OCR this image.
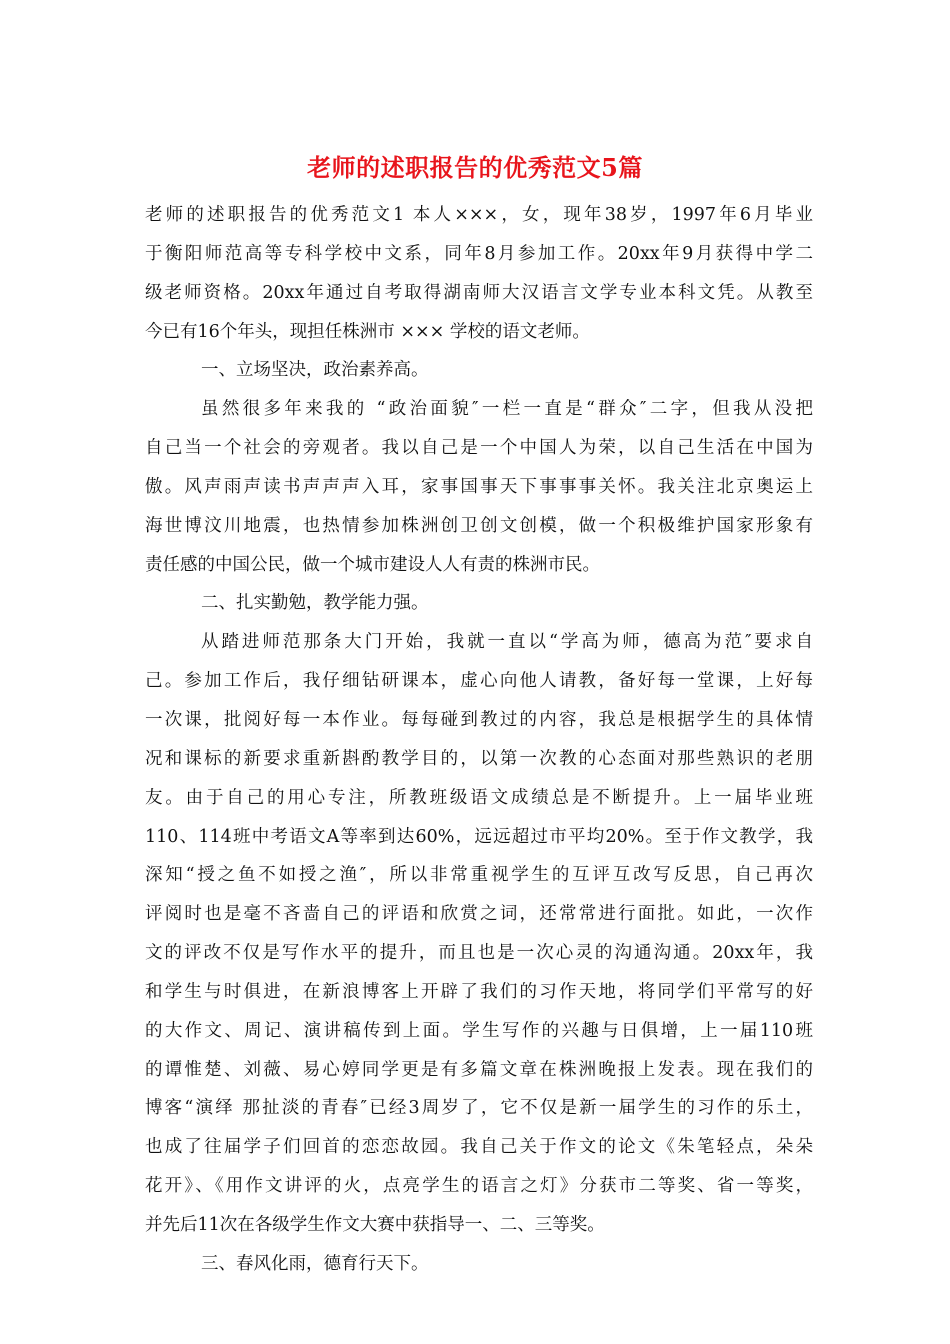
老师的述职报告的优秀范文5篇
老师的述职报告的优秀范文1 本人×××，女，现年38岁，1997年6月毕业
于衡阳师范高等专科学校中文系，同年8月参加工作。20xx年9月获得中学二
级老师资格。20xx年通过自考取得湖南师大汉语言文学专业本科文凭。从教至
今已有16个年头，现担任株洲市 ××× 学校的语文老师。
一、立场坚决，政治素养高。
虽然很多年来我的 “政治面貌″一栏一直是“群众″二字，但我从没把
自己当一个社会的旁观者。我以自己是一个中国人为荣，以自己生活在中国为
傲。风声雨声读书声声声入耳，家事国事天下事事事关怀。我关注北京奥运上
海世博汶川地震，也热情参加株洲创卫创文创模，做一个积极维护国家形象有
责任感的中国公民，做一个城市建设人人有责的株洲市民。
二、扎实勤勉，教学能力强。
从踏进师范那条大门开始，我就一直以“学高为师，德高为范″要求自
己。参加工作后，我仔细钻研课本，虚心向他人请教，备好每一堂课，上好每
一次课，批阅好每一本作业。每每碰到教过的内容，我总是根据学生的具体情
况和课标的新要求重新斟酌教学目的，以第一次教的心态面对那些熟识的老朋
友。由于自己的用心专注，所教班级语文成绩总是不断提升。上一届毕业班
110、114班中考语文A等率到达60%，远远超过市平均20%。至于作文教学，我
深知“授之鱼不如授之渔″，所以非常重视学生的互评互改写反思，自己再次
评阅时也是毫不吝啬自己的评语和欣赏之词，还常常进行面批。如此，一次作
文的评改不仅是写作水平的提升，而且也是一次心灵的沟通沟通。20xx年，我
和学生与时俱进，在新浪博客上开辟了我们的习作天地，将同学们平常写的好
的大作文、周记、演讲稿传到上面。学生写作的兴趣与日俱增，上一届110班
的谭惟楚、刘薇、易心婷同学更是有多篇文章在株洲晚报上发表。现在我们的
博客“演绎 那扯淡的青春″已经3周岁了，它不仅是新一届学生的习作的乐土，
也成了往届学子们回首的恋恋故园。我自己关于作文的论文《朱笔轻点，朵朵
花开》、《用作文讲评的火，点亮学生的语言之灯》分获市二等奖、省一等奖，
并先后11次在各级学生作文大赛中获指导一、二、三等奖。
三、春风化雨，德育行天下。
